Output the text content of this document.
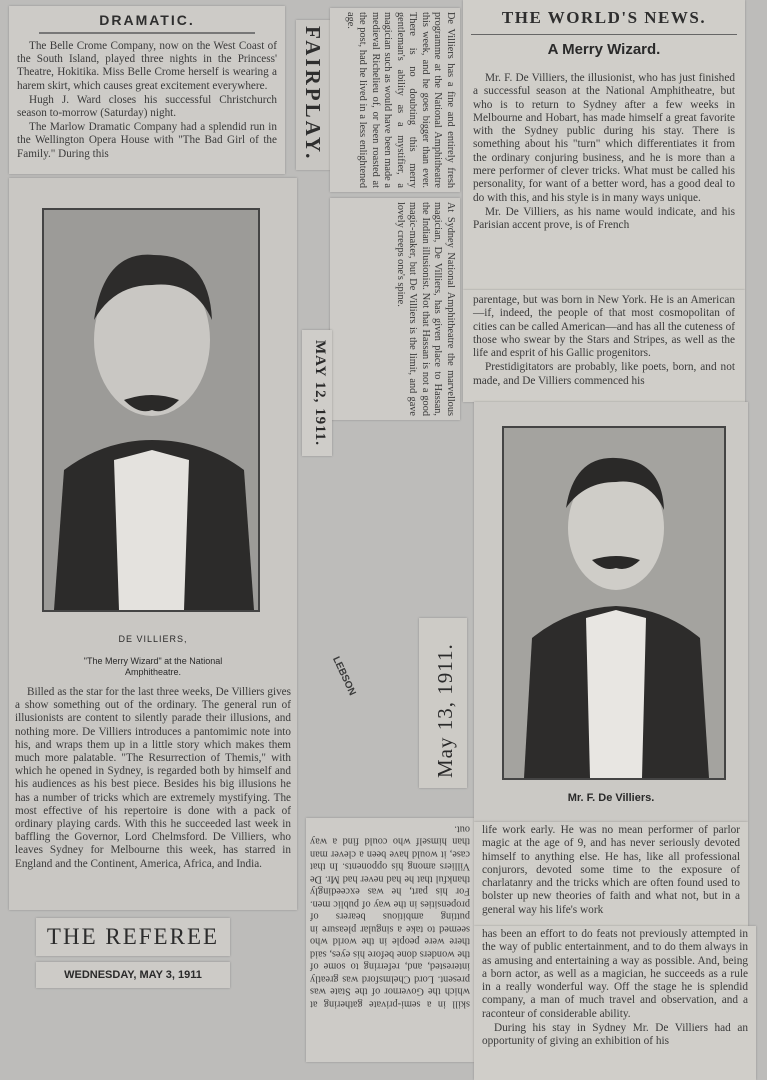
DRAMATIC.

The Belle Crome Company, now on the West Coast of the South Island, played three nights in the Princess' Theatre, Hokitika. Miss Belle Crome herself is wearing a harem skirt, which causes great excitement everywhere.

Hugh J. Ward closes his successful Christchurch season to-morrow (Saturday) night.

The Marlow Dramatic Company had a splendid run in the Wellington Opera House with "The Bad Girl of the Family." During this

DE VILLIERS,
"The Merry Wizard" at the National Amphitheatre.
Billed as the star for the last three weeks, De Villiers gives a show something out of the ordinary. The general run of illusionists are content to silently parade their illusions, and nothing more. De Villiers introduces a pantomimic note into his, and wraps them up in a little story which makes them much more palatable. "The Resurrection of Themis," with which he opened in Sydney, is regarded both by himself and his audiences as his best piece. Besides his big illusions he has a number of tricks which are extremely mystifying. The most effective of his repertoire is done with a pack of ordinary playing cards. With this he succeeded last week in baffling the Governor, Lord Chelmsford. De Villiers, who leaves Sydney for Melbourne this week, has starred in England and the Continent, America, Africa, and India.
THE REFEREE
WEDNESDAY, MAY 3, 1911
FAIRPLAY.	De Villiers has a fine and entirely fresh programme at the National Amphitheatre this week, and he goes bigger than ever. There is no doubting this merry gentleman's ability as a mystifier, a magician such as would have been made a medieval Richelieu of, or been roasted at the post, had he lived in a less enlightened age.
At Sydney National Amphitheatre the marvellous magician, De Villiers, has given place to Hassan, the Indian illusionist. Not that Hassan is not a good magic-maker, but De Villiers is the limit, and gave lovely creeps one's spine.
MAY 12, 1911.
LEBSON	May 13, 1911.
skill in a semi-private gathering at which the Governor of the State was present. Lord Chelmsford was greatly interested, and, referring to some of the wonders done before his eyes, said there were people in the world who seemed to take a singular pleasure in putting ambitious bearers of propensities in the way of public men. For his part, he was exceedingly thankful that he had never had Mr. De Villiers among his opponents. In that case, it would have been a clever man than himself who could find a way out.
THE WORLD'S NEWS.
A Merry Wizard.

Mr. F. De Villiers, the illusionist, who has just finished a successful season at the National Amphitheatre, but who is to return to Sydney after a few weeks in Melbourne and Hobart, has made himself a great favorite with the Sydney public during his stay. There is something about his "turn" which differentiates it from the ordinary conjuring business, and he is more than a mere performer of clever tricks. What must be called his personality, for want of a better word, has a good deal to do with this, and his style is in many ways unique.

Mr. De Villiers, as his name would indicate, and his Parisian accent prove, is of French

parentage, but was born in New York. He is an American—if, indeed, the people of that most cosmopolitan of cities can be called American—and has all the cuteness of those who swear by the Stars and Stripes, as well as the life and esprit of his Gallic progenitors.

Prestidigitators are probably, like poets, born, and not made, and De Villiers commenced his

Mr. F. De Villiers.

life work early. He was no mean performer of parlor magic at the age of 9, and has never seriously devoted himself to anything else. He has, like all professional conjurors, devoted some time to the exposure of charlatanry and the tricks which are often found used to bolster up new theories of faith and what not, but in a general way his life's work

has been an effort to do feats not previously attempted in the way of public entertainment, and to do them always in as amusing and entertaining a way as possible. And, being a born actor, as well as a magician, he succeeds as a rule in a really wonderful way. Off the stage he is splendid company, a man of much travel and observation, and a raconteur of considerable ability.

During his stay in Sydney Mr. De Villiers had an opportunity of giving an exhibition of his
